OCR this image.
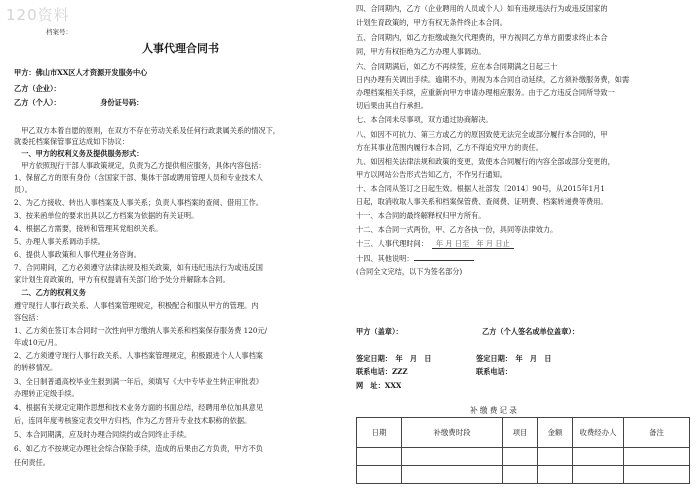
120资料
档案号：
人事代理合同书
甲方：佛山市XX区人才资源开发服务中心
乙方（企业）：
乙方（个人）：　　　　　　身份证号码：
　甲乙双方本着自愿的原则，在双方不存在劳动关系及任何行政隶属关系的情况下，
就委托档案保管事宜达成如下协议：
　一、甲方的权利义务及提供服务形式：
　甲方依照现行干部人事政策规定，负责为乙方提供相应服务，具体内容包括：
1、保留乙方的原有身份（含国家干部、集体干部或聘用管理人员和专业技术人
员）。
2、为乙方接收、转出人事档案及人事关系；负责人事档案的查阅、借用工作。
3、按来函单位的要求出具以乙方档案为依据的有关证明。
4、根据乙方需要，接转和管理其党组织关系。
5、办理人事关系调动手续。
6、提供人事政策和人事代理业务咨询。
7、合同期间，乙方必须遵守法律法规及相关政策，如有违纪违法行为或违反国
家计划生育政策的，甲方有权提请有关部门给予处分并解除本合同。
　二、乙方的权利义务
遵守现行人事行政关系、人事档案管理规定，积极配合和服从甲方的管理。内
容包括：
1、乙方须在签订本合同时一次性向甲方缴纳人事关系和档案保存服务费 120元/
年或10元/月。
2、乙方须遵守现行人事行政关系、人事档案管理规定，积极跟进个人人事档案
的转移情况。
3、全日制普通高校毕业生报到满一年后，须填写《大中专毕业生转正审批表》
办理转正定级手续。
4、根据有关规定定期作思想和技术业务方面的书面总结，经聘用单位加具意见
后，连同年度考核鉴定表交甲方归档，作为乙方晋升专业技术职称的依据。
5、本合同期满，应及时办理合同续约或合同终止手续。
6、如乙方不按规定办理社会综合保险手续，造成的后果由乙方负责，甲方不负
任何责任。
四、合同期内，乙方（企业聘用的人员或个人）如有违规违法行为或违反国家的
计划生育政策的，甲方有权无条件终止本合同。
五、合同期内，如乙方拒缴或拖欠代理费的，甲方视同乙方单方面要求终止本合
同，甲方有权拒绝为乙方办理人事调动。
六、合同期满后，如乙方不再续签，应在本合同期满之日起三十
日内办理有关调出手续。逾期不办，则视为本合同自动延续，乙方须补缴服务费，如需
办理档案相关手续，应重新向甲方申请办理相应服务。由于乙方违反合同所导致一
切后果由其自行承担。
七、本合同未尽事项，双方通过协商解决。
八、如因不可抗力、第三方或乙方的原因致使无法完全或部分履行本合同的，甲
方在其事业范围内履行本合同，乙方不得追究甲方的责任。
九、如因相关法律法规和政策的变更，致使本合同履行的内容全部或部分变更的，
甲方以网站公告形式告知乙方，不作另行通知。
十、本合同从签订之日起生效。根据人社部发〔2014〕90号，从2015年1月1
日起，取消收取人事关系和档案保管费、查阅费、证明费、档案转递费等费用。
十一、本合同的最终解释权归甲方所有。
十二、本合同一式两份，甲、乙方各执一份，具同等法律效力。
十三、人事代理时间： 年 月 日至　年 月 日止
十四、其他说明：
(合同全文完结，以下为签名部分)
甲方（盖章）：	乙方（个人签名或单位盖章）：
签定日期：　年　月　日	签定日期：　年　月　日
联系电话：ZZZ	联系电话：
网　址：XXX
补缴费记录
日期	补缴费时段	项目	金额	收费经办人	备注
